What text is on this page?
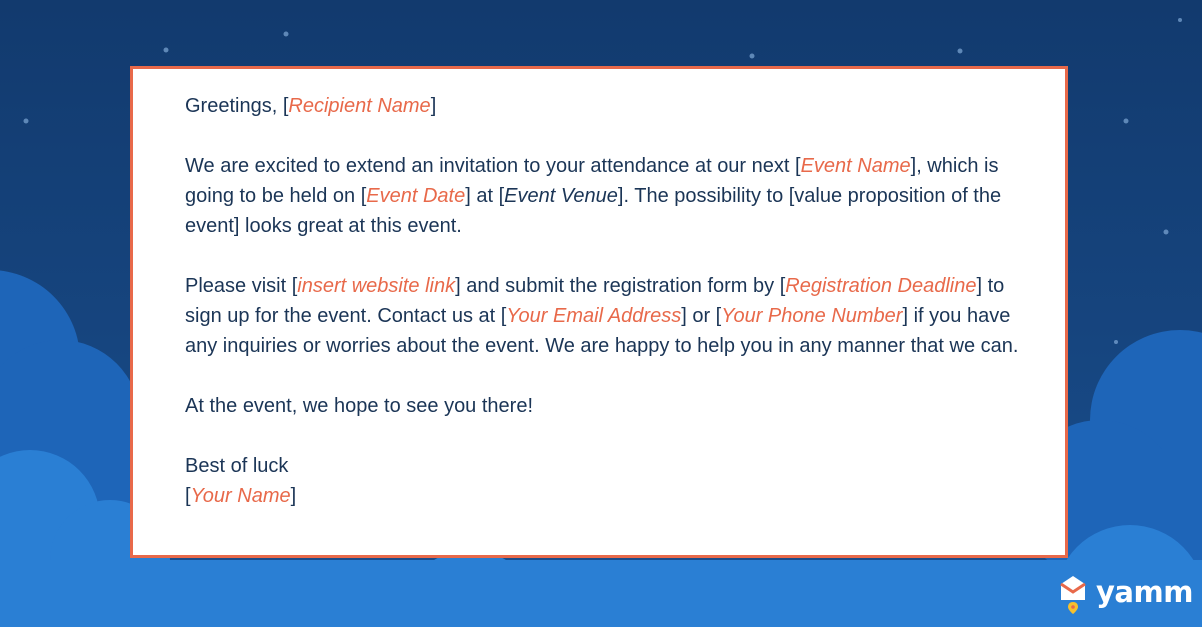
Greetings, [Recipient Name]

We are excited to extend an invitation to your attendance at our next [Event Name], which is going to be held on [Event Date] at [Event Venue]. The possibility to [value proposition of the event] looks great at this event.

Please visit [insert website link] and submit the registration form by [Registration Deadline] to sign up for the event. Contact us at [Your Email Address] or [Your Phone Number] if you have any inquiries or worries about the event. We are happy to help you in any manner that we can.

At the event, we hope to see you there!

Best of luck
[Your Name]

yamm
